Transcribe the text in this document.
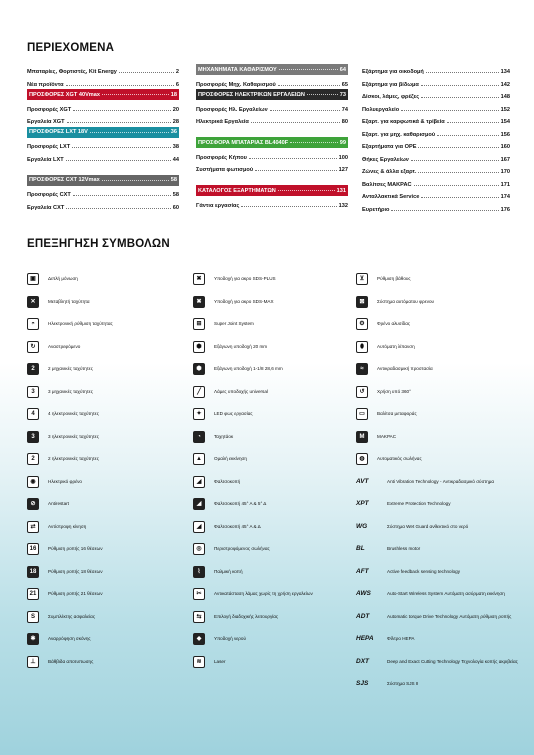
ΠΕΡΙΕΧΟΜΕΝΑ
Μπαταρίες, Φορτιστές, Kit Energy	2
Νέα προϊόντα	6
ΠΡΟΣΦΟΡΕΣ XGT 40Vmax	18
Προσφορές XGT	20
Εργαλεία XGT	28
ΠΡΟΣΦΟΡΕΣ LXT 18V	36
Προσφορές LXT	38
Εργαλεία LXT	44
ΠΡΟΣΦΟΡΕΣ CXT 12Vmax	58
Προσφορές CXT	58
Εργαλεία CXT	60
ΜΗΧΑΝΗΜΑΤΑ ΚΑΘΑΡΙΣΜΟΥ	64
Προσφορές Μηχ. Καθαρισμού	65
ΠΡΟΣΦΟΡΕΣ ΗΛΕΚΤΡΙΚΩΝ ΕΡΓΑΛΕΙΩΝ	73
Προσφορές Ηλ. Εργαλείων	74
Ηλεκτρικά Εργαλεία	80
ΠΡΟΣΦΟΡΑ ΜΠΑΤΑΡΙΑΣ BL4040F	99
Προσφορές Κήπου	100
Συστήματα φωτισμού	127
ΚΑΤΑΛΟΓΟΣ ΕΞΑΡΤΗΜΑΤΩΝ	131
Γάντια εργασίας	132
Εξάρτημα για οικοδομή	134
Εξάρτημα για βίδωμα	142
Δίσκοι, λάμες, φρέζες	148
Πολυεργαλείο	152
Εξαρτ. για καρφωτικά & τρίβεία	154
Εξαρτ. για μηχ. καθαρισμού	156
Εξαρτήματα για OPE	160
Θήκες Εργαλείων	167
Ζώνες & άλλα εξαρτ.	170
Βαλίτσες MAKPAC	171
Ανταλλακτικά Service	174
Ευρετήριο	176
ΕΠΕΞΗΓΗΣΗ ΣΥΜΒΟΛΩΝ
▣	Διπλή μόνωση
✕	Μεταβλητή ταχύτητα
◓	Ηλεκτρονική ρύθμιση ταχύτητας
↻	Αναστρεφόμενο
2	2 μηχανικές ταχύτητες
3	3 μηχανικές ταχύτητες
4	4 ηλεκτρονικές ταχύτητες
3	3 ηλεκτρονικές ταχύτητες
2	2 ηλεκτρονικές ταχύτητες
◉	Ηλεκτρικό φρένο
⊘	Antirestart
⇄	Αντίστροφη κίνηση
16	Ρύθμιση ροπής 16 θέσεων
18	Ρύθμιση ροπής 18 θέσεων
21	Ρύθμιση ροπής 21 θέσεων
S	Συμπλέκτης ασφαλείας
✱	Αναρρόφηση σκόνης
⊥	Βάθβιδα αποτυπωσης
✖	Υποδοχή για ακρο SDS-PLUS
✖	Υποδοχή για ακρο SDS-MAX
⊞	Super Joint System
⬢	Εξάγωνη υποδοχή 20 mm
⬢	Εξάγωνη υποδοχή 1-1/8 28,6 mm
╱	Λάμες υποδοχής universal
✦	LED φως εργασίας
◔	Ταχητάοκ
▲	Ομαλή εκκίνηση
◢	Φαλτσοκοπή
◢	Φαλτσοκοπή 45° Α & 5° Δ
◢	Φαλτσοκοπή 45° Α & Δ
◎	Περιστροφόμενος σωλήνας
⌇	Παλμική κοπή
✂	Αντικατάσταση λάμας χωρίς τη χρήση εργαλείων
⇆	Επιλογή διαδοχικής λειτουργίας
◆	Υποδοχή νερού
≋	Laser
⊻	Ρύθμιση βάθους
⊠	Σύστημα αυτόματου φρενου
⚙	Φρένο αλυσίδας
⬮	Αυτόματη λίπανση
≈	Αντικραδασμική προστασία
↺	Χρήση υπό 360°
▭	Βαλίτσα μεταφοράς
M	MAKPAC
◍	Αυτοματικός σωλήνας
AVT	Anti Vibration Technology - Αντικραδασμικό σύστημα
XPT	Extreme Protection Technology
WG	Σύστημα Wet Guard ανθεκτικό στο νερό
BL	Brushless motor
AFT	Active feedback sensing technology
AWS	Auto-Start Wireless System Αυτόματη ασύρματη εκκίνηση
ADT	Automatic torque Drive Technology Αυτόματη ρύθμιση ροπής
HEPA	Φίλτρο HEPA
DXT	Deep and Exact Cutting Technology Τεχνολογία κοπής ακριβείας
SJS	Σύστημα SJS II
